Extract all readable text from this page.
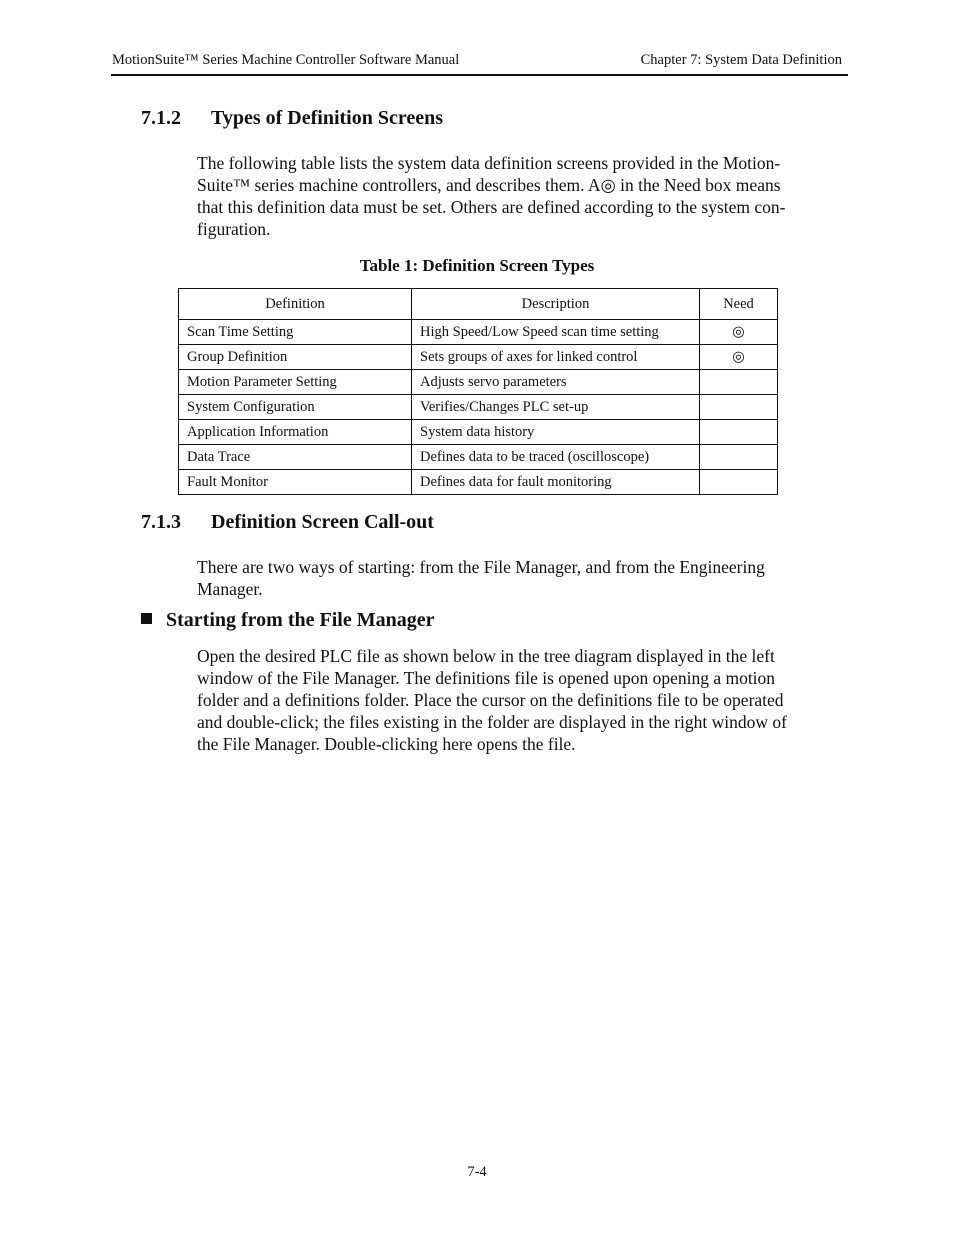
MotionSuite™ Series Machine Controller Software Manual	Chapter 7: System Data Definition
7.1.2 Types of Definition Screens
The following table lists the system data definition screens provided in the Motion-
Suite™ series machine controllers, and describes them. A◎ in the Need box means
that this definition data must be set. Others are defined according to the system con-
figuration.
Table 1: Definition Screen Types
Definition	Description	Need
Scan Time Setting	High Speed/Low Speed scan time setting	◎
Group Definition	Sets groups of axes for linked control	◎
Motion Parameter Setting	Adjusts servo parameters	
System Configuration	Verifies/Changes PLC set-up	
Application Information	System data history	
Data Trace	Defines data to be traced (oscilloscope)	
Fault Monitor	Defines data for fault monitoring	
7.1.3 Definition Screen Call-out
There are two ways of starting: from the File Manager, and from the Engineering
Manager.
Starting from the File Manager
Open the desired PLC file as shown below in the tree diagram displayed in the left
window of the File Manager. The definitions file is opened upon opening a motion
folder and a definitions folder. Place the cursor on the definitions file to be operated
and double-click; the files existing in the folder are displayed in the right window of
the File Manager. Double-clicking here opens the file.
7-4
